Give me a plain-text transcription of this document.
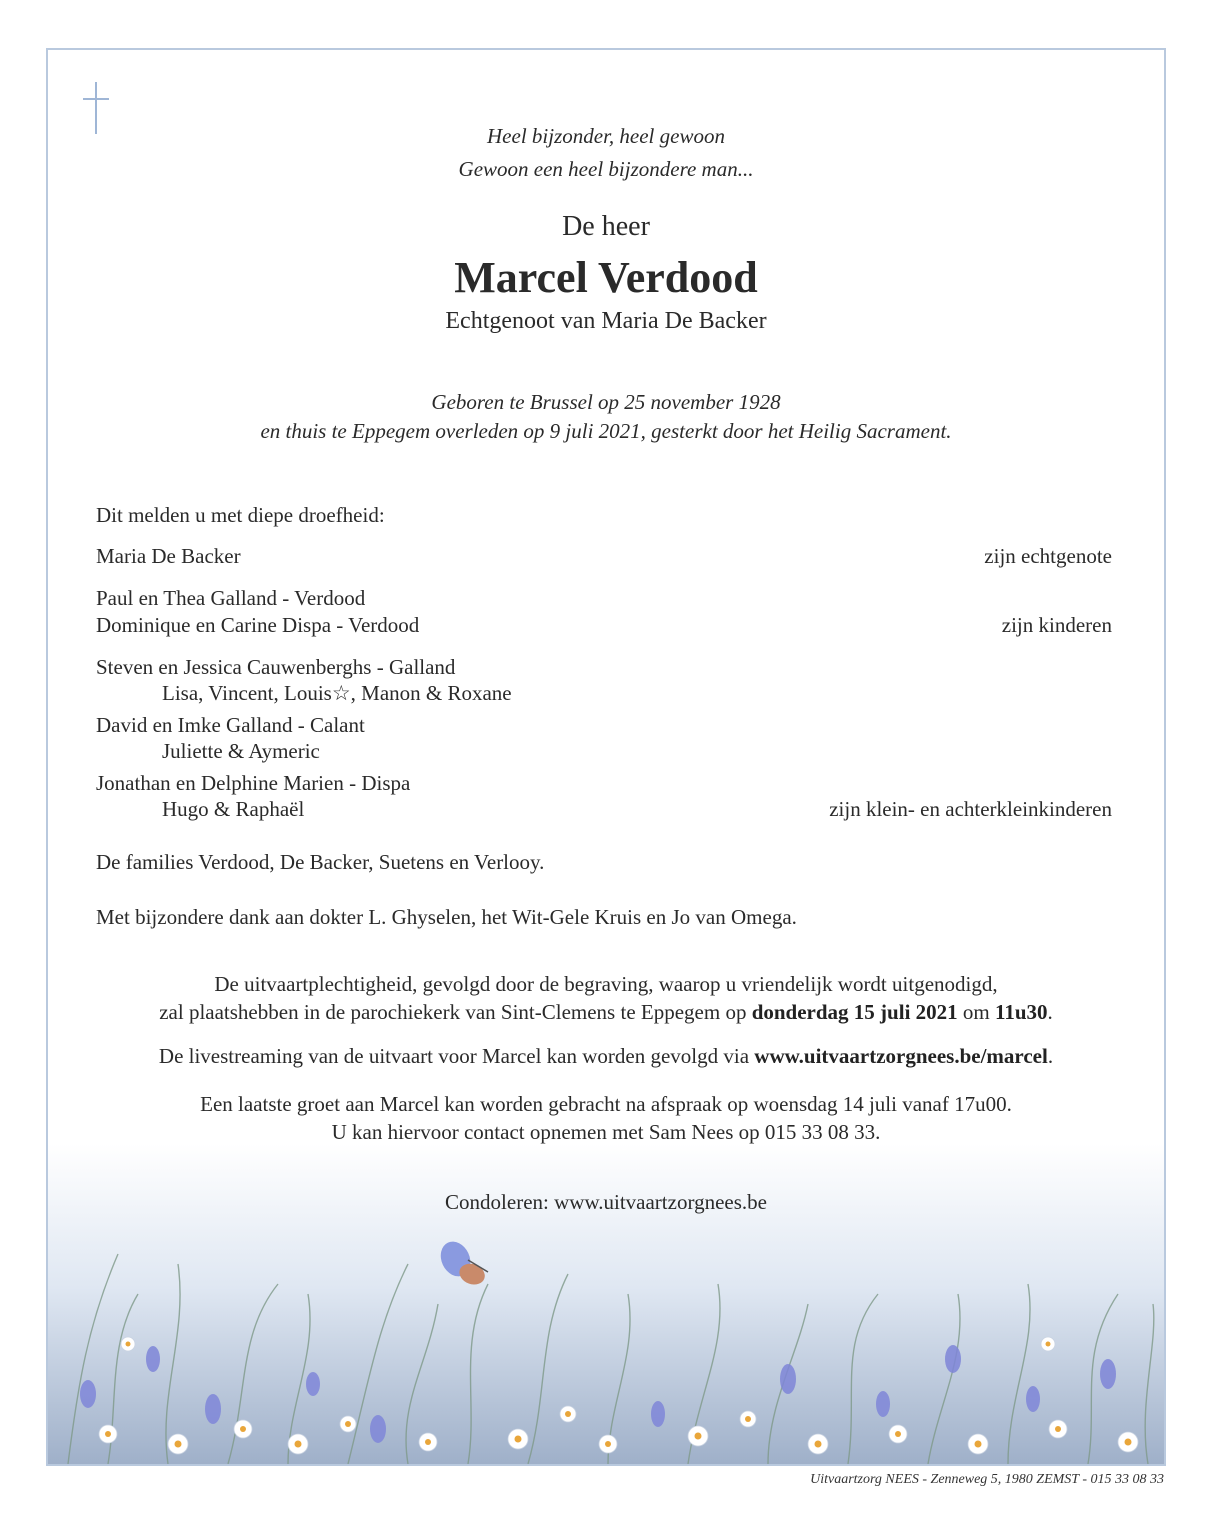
Heel bijzonder, heel gewoon
Gewoon een heel bijzondere man...
De heer
Marcel Verdood
Echtgenoot van Maria De Backer
Geboren te Brussel op 25 november 1928
en thuis te Eppegem overleden op 9 juli 2021, gesterkt door het Heilig Sacrament.
Dit melden u met diepe droefheid:
Maria De Backer	zijn echtgenote
Paul en Thea Galland - Verdood
Dominique en Carine Dispa - Verdood	zijn kinderen
Steven en Jessica Cauwenberghs - Galland
Lisa, Vincent, Louis☆, Manon & Roxane
David en Imke Galland - Calant
Juliette & Aymeric
Jonathan en Delphine Marien - Dispa
Hugo & Raphaël	zijn klein- en achterkleinkinderen
De families Verdood, De Backer, Suetens en Verlooy.
Met bijzondere dank aan dokter L. Ghyselen, het Wit-Gele Kruis en Jo van Omega.
De uitvaartplechtigheid, gevolgd door de begraving, waarop u vriendelijk wordt uitgenodigd,
zal plaatshebben in de parochiekerk van Sint-Clemens te Eppegem op donderdag 15 juli 2021 om 11u30.
De livestreaming van de uitvaart voor Marcel kan worden gevolgd via www.uitvaartzorgnees.be/marcel.
Een laatste groet aan Marcel kan worden gebracht na afspraak op woensdag 14 juli vanaf 17u00.
U kan hiervoor contact opnemen met Sam Nees op 015 33 08 33.
Condoleren: www.uitvaartzorgnees.be
Uitvaartzorg NEES - Zenneweg 5, 1980 ZEMST - 015 33 08 33
